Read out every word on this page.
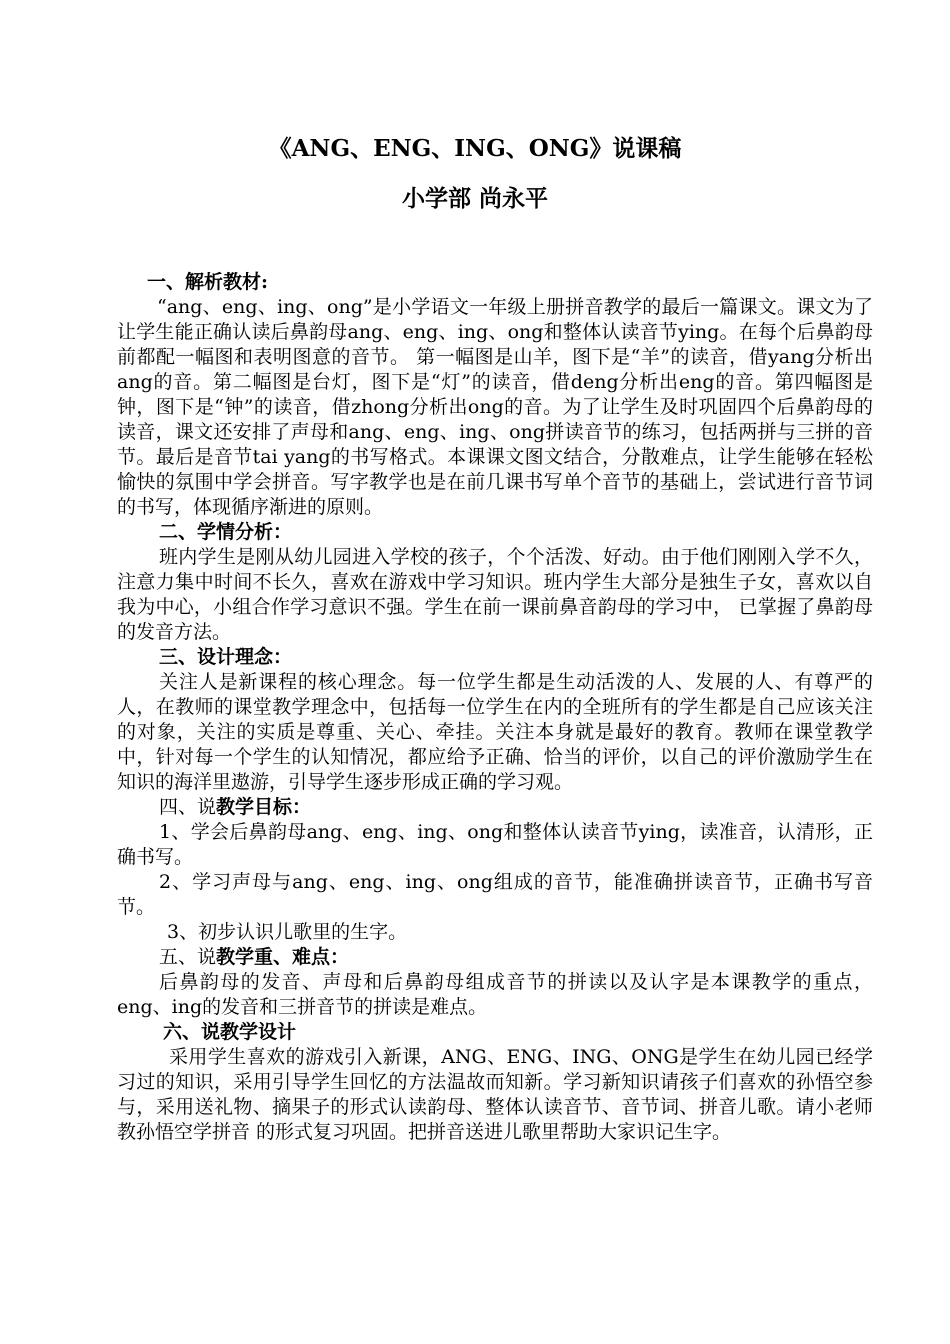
《ANG、ENG、ING、ONG》说课稿
小学部 尚永平

一、解析教材:

“ang、eng、ing、ong”是小学语文一年级上册拼音教学的最后一篇课文。课文为了让学生能正确认读后鼻韵母ang、eng、ing、ong和整体认读音节ying。在每个后鼻韵母前都配一幅图和表明图意的音节。 第一幅图是山羊，图下是“羊”的读音，借yang分析出ang的音。第二幅图是台灯，图下是“灯”的读音，借deng分析出eng的音。第四幅图是钟，图下是“钟”的读音，借zhong分析出ong的音。为了让学生及时巩固四个后鼻韵母的读音，课文还安排了声母和ang、eng、ing、ong拼读音节的练习，包括两拼与三拼的音节。最后是音节tai yang的书写格式。本课课文图文结合，分散难点，让学生能够在轻松愉快的氛围中学会拼音。写字教学也是在前几课书写单个音节的基础上，尝试进行音节词的书写，体现循序渐进的原则。

二、学情分析：

班内学生是刚从幼儿园进入学校的孩子，个个活泼、好动。由于他们刚刚入学不久，注意力集中时间不长久，喜欢在游戏中学习知识。班内学生大部分是独生子女，喜欢以自我为中心，小组合作学习意识不强。学生在前一课前鼻音韵母的学习中， 已掌握了鼻韵母的发音方法。

三、设计理念：

关注人是新课程的核心理念。每一位学生都是生动活泼的人、发展的人、有尊严的人，在教师的课堂教学理念中，包括每一位学生在内的全班所有的学生都是自己应该关注的对象，关注的实质是尊重、关心、牵挂。关注本身就是最好的教育。教师在课堂教学中，针对每一个学生的认知情况，都应给予正确、恰当的评价，以自己的评价激励学生在知识的海洋里遨游，引导学生逐步形成正确的学习观。

四、说教学目标：

1、学会后鼻韵母ang、eng、ing、ong和整体认读音节ying，读准音，认清形，正确书写。

2、学习声母与ang、eng、ing、ong组成的音节，能准确拼读音节，正确书写音节。

3、初步认识儿歌里的生字。

五、说教学重、难点：

后鼻韵母的发音、声母和后鼻韵母组成音节的拼读以及认字是本课教学的重点，eng、ing的发音和三拼音节的拼读是难点。

六、说教学设计

采用学生喜欢的游戏引入新课，ANG、ENG、ING、ONG是学生在幼儿园已经学习过的知识，采用引导学生回忆的方法温故而知新。学习新知识请孩子们喜欢的孙悟空参与，采用送礼物、摘果子的形式认读韵母、整体认读音节、音节词、拼音儿歌。请小老师教孙悟空学拼音 的形式复习巩固。把拼音送进儿歌里帮助大家识记生字。
